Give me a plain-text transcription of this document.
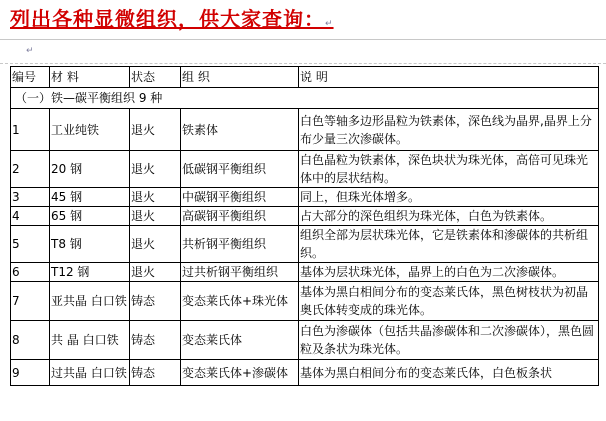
列出各种显微组织，供大家查询：↵
↵
编号	材 料	状态	组 织	说 明
（一）铁—碳平衡组织 9 种				
1	工业纯铁	退火	铁素体	白色等轴多边形晶粒为铁素体，深色线为晶界,晶界上分布少量三次渗碳体。
2	20 钢	退火	低碳钢平衡组织	白色晶粒为铁素体，深色块状为珠光体，高倍可见珠光体中的层状结构。
3	45 钢	退火	中碳钢平衡组织	同上，但珠光体增多。
4	65 钢	退火	高碳钢平衡组织	占大部分的深色组织为珠光体，白色为铁素体。
5	T8 钢	退火	共析钢平衡组织	组织全部为层状珠光体，它是铁素体和渗碳体的共析组织。
6	T12 钢	退火	过共析钢平衡组织	基体为层状珠光体，晶界上的白色为二次渗碳体。
7	亚共晶 白口铁	铸态	变态莱氏体+珠光体	基体为黑白相间分布的变态莱氏体，黑色树枝状为初晶奥氏体转变成的珠光体。
8	共 晶 白口铁	铸态	变态莱氏体	白色为渗碳体（包括共晶渗碳体和二次渗碳体），黑色圆粒及条状为珠光体。
9	过共晶 白口铁	铸态	变态莱氏体+渗碳体	基体为黑白相间分布的变态莱氏体，白色板条状
